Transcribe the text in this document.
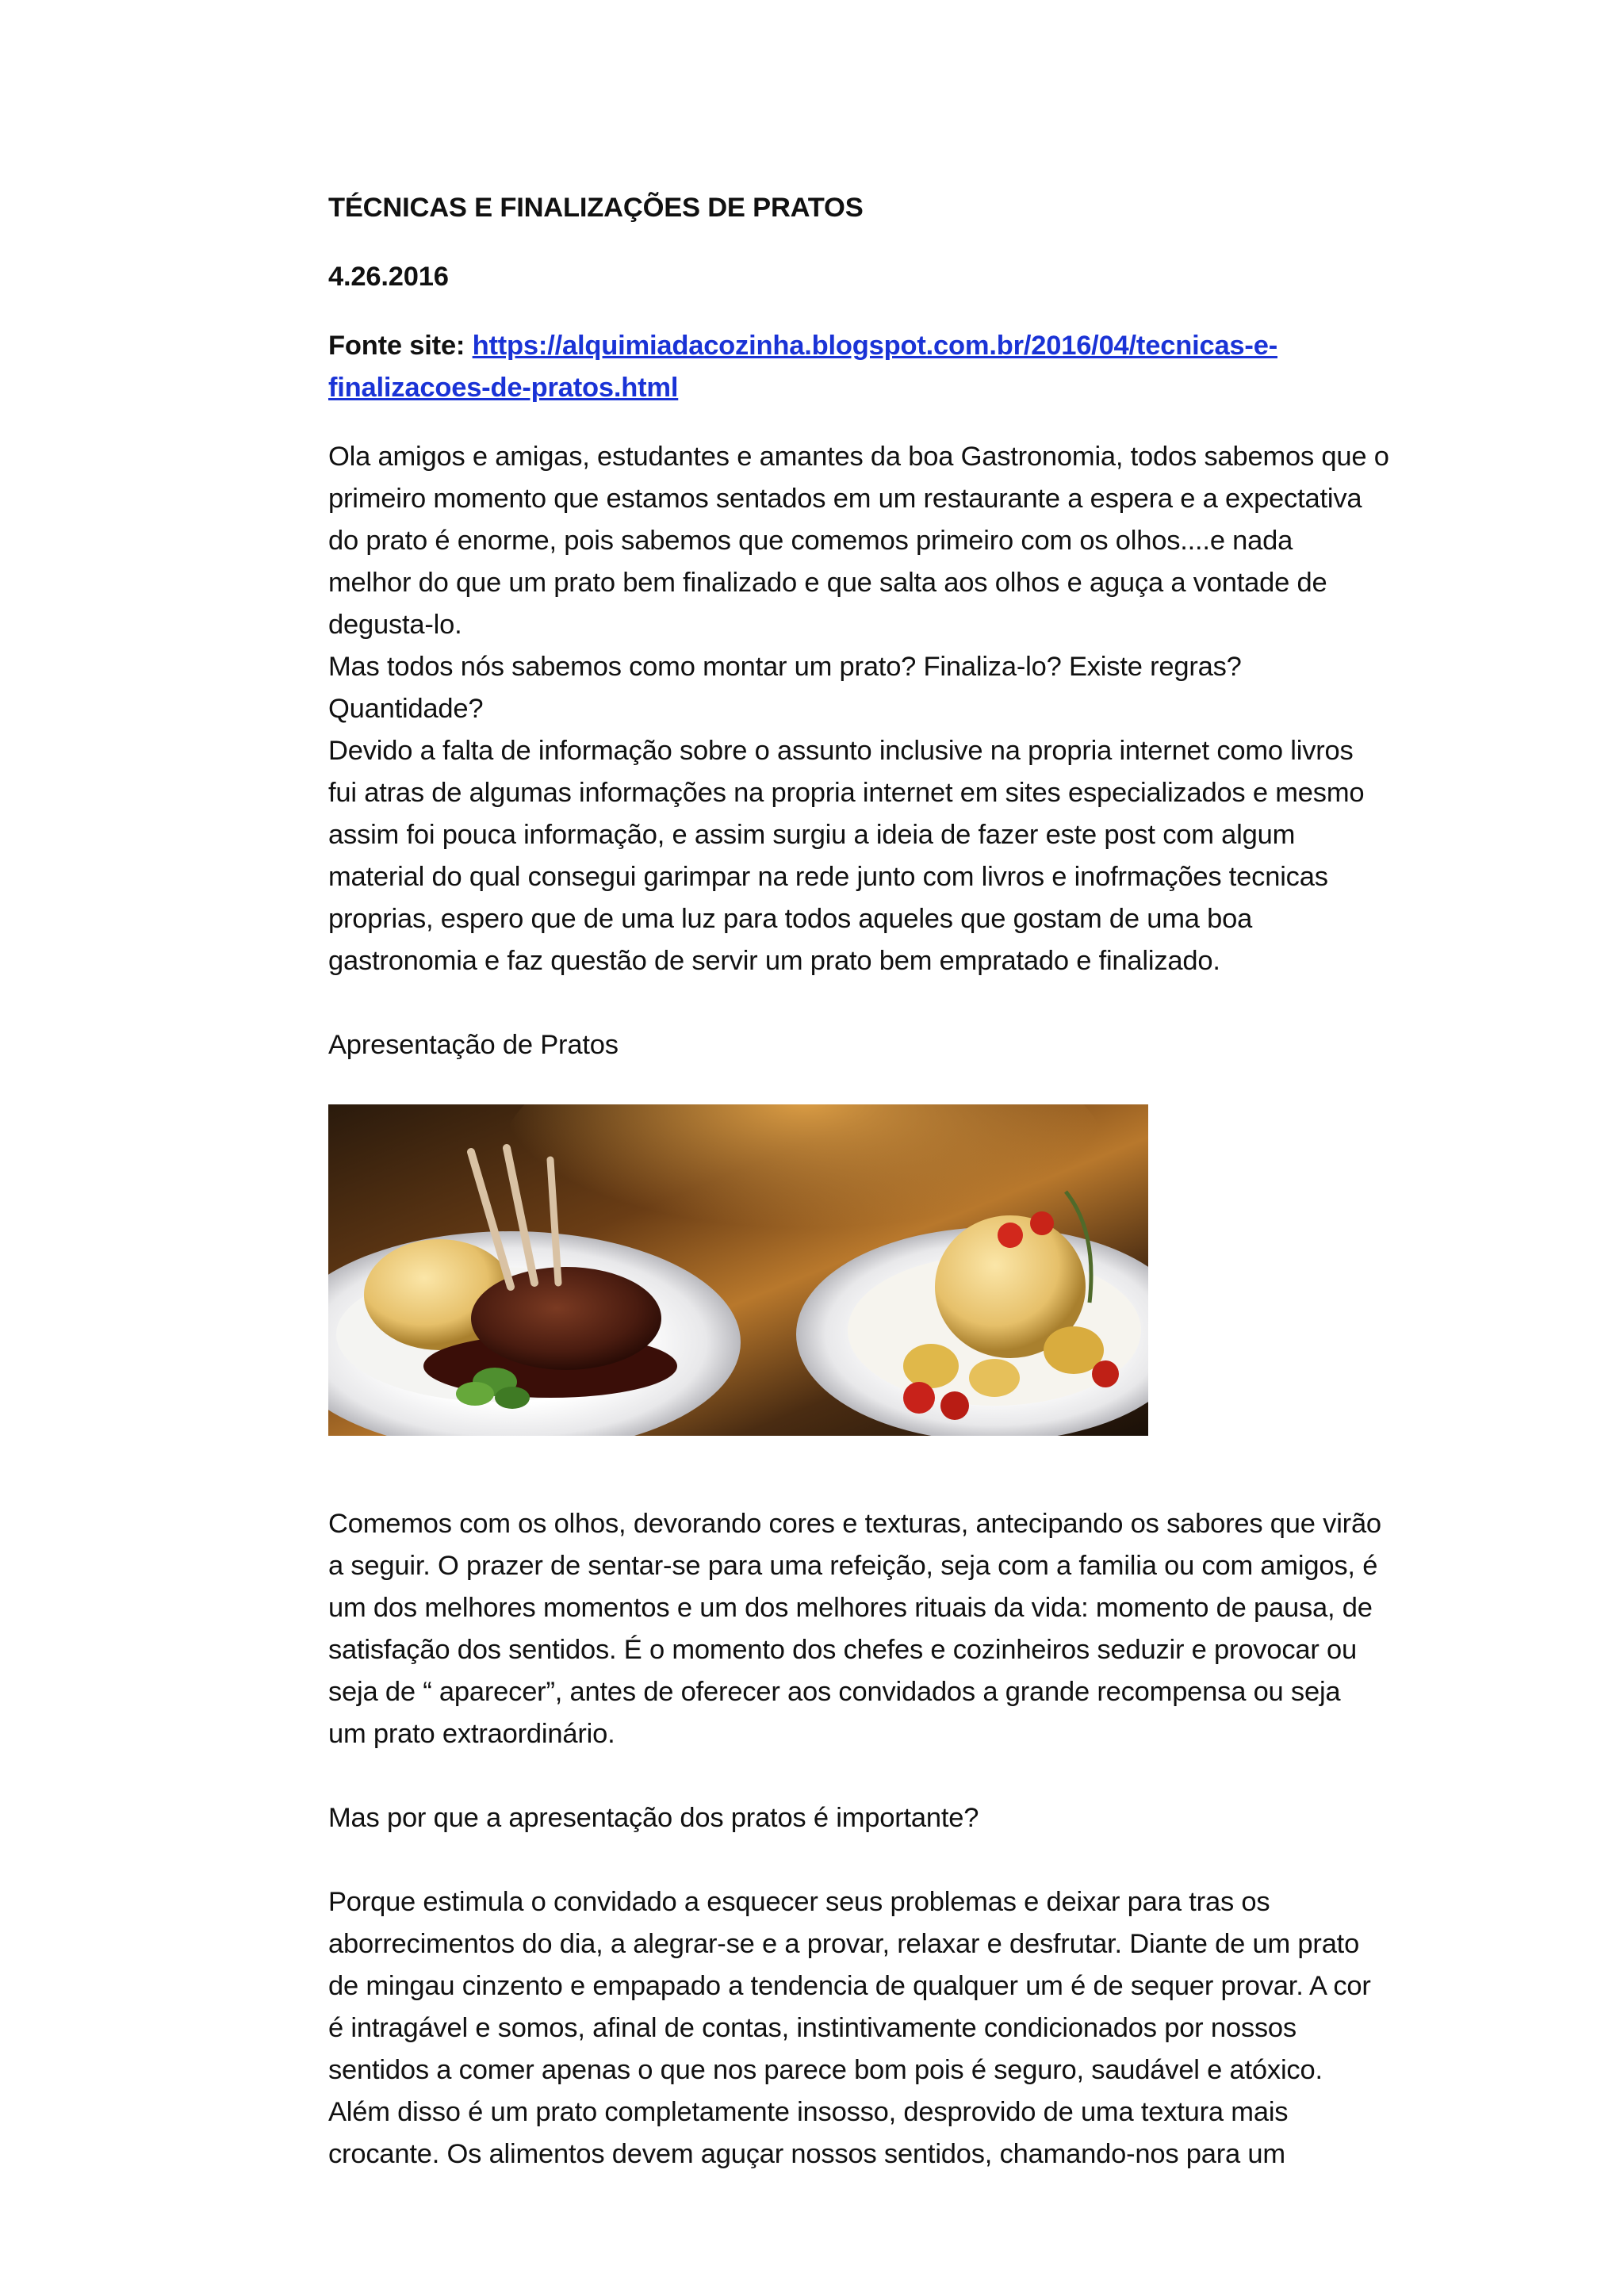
TÉCNICAS E FINALIZAÇÕES DE PRATOS

4.26.2016

Fonte site: https://alquimiadacozinha.blogspot.com.br/2016/04/tecnicas-e-

finalizacoes-de-pratos.html

Ola amigos e amigas, estudantes e amantes da boa Gastronomia, todos sabemos que o

primeiro momento que estamos sentados em um restaurante a espera e a expectativa

do prato é enorme, pois sabemos que comemos primeiro com os olhos....e nada

melhor do que um prato bem finalizado e que salta aos olhos e aguça a vontade de

degusta-lo.

Mas todos nós sabemos como montar um prato? Finaliza-lo? Existe regras?

Quantidade?

Devido a falta de informação sobre o assunto inclusive na propria internet como livros

fui atras de algumas informações na propria internet em sites especializados e mesmo

assim foi pouca informação, e assim surgiu a ideia de fazer este post com algum

material do qual consegui garimpar na rede junto com livros e inofrmações tecnicas

proprias, espero que de uma luz para todos aqueles que gostam de uma boa

gastronomia e faz questão de servir um prato bem empratado e finalizado.

Apresentação de Pratos

Comemos com os olhos, devorando cores e texturas, antecipando os sabores que virão

a seguir. O prazer de sentar-se para uma refeição, seja com a familia ou com amigos, é

um dos melhores momentos e um dos melhores rituais da vida: momento de pausa, de

satisfação dos sentidos. É o momento dos chefes e cozinheiros seduzir e provocar ou

seja de “ aparecer”, antes de oferecer aos convidados a grande recompensa ou seja

um prato extraordinário.

Mas por que a apresentação dos pratos é importante?

Porque estimula o convidado a esquecer seus problemas e deixar para tras os

aborrecimentos do dia, a alegrar-se e a provar, relaxar e desfrutar. Diante de um prato

de mingau cinzento e empapado a tendencia de qualquer um é de sequer provar. A cor

é intragável e somos, afinal de contas, instintivamente condicionados por nossos

sentidos a comer apenas o que nos parece bom pois é seguro, saudável e atóxico.

Além disso é um prato completamente insosso, desprovido de uma textura mais

crocante. Os alimentos devem aguçar nossos sentidos, chamando-nos para um
